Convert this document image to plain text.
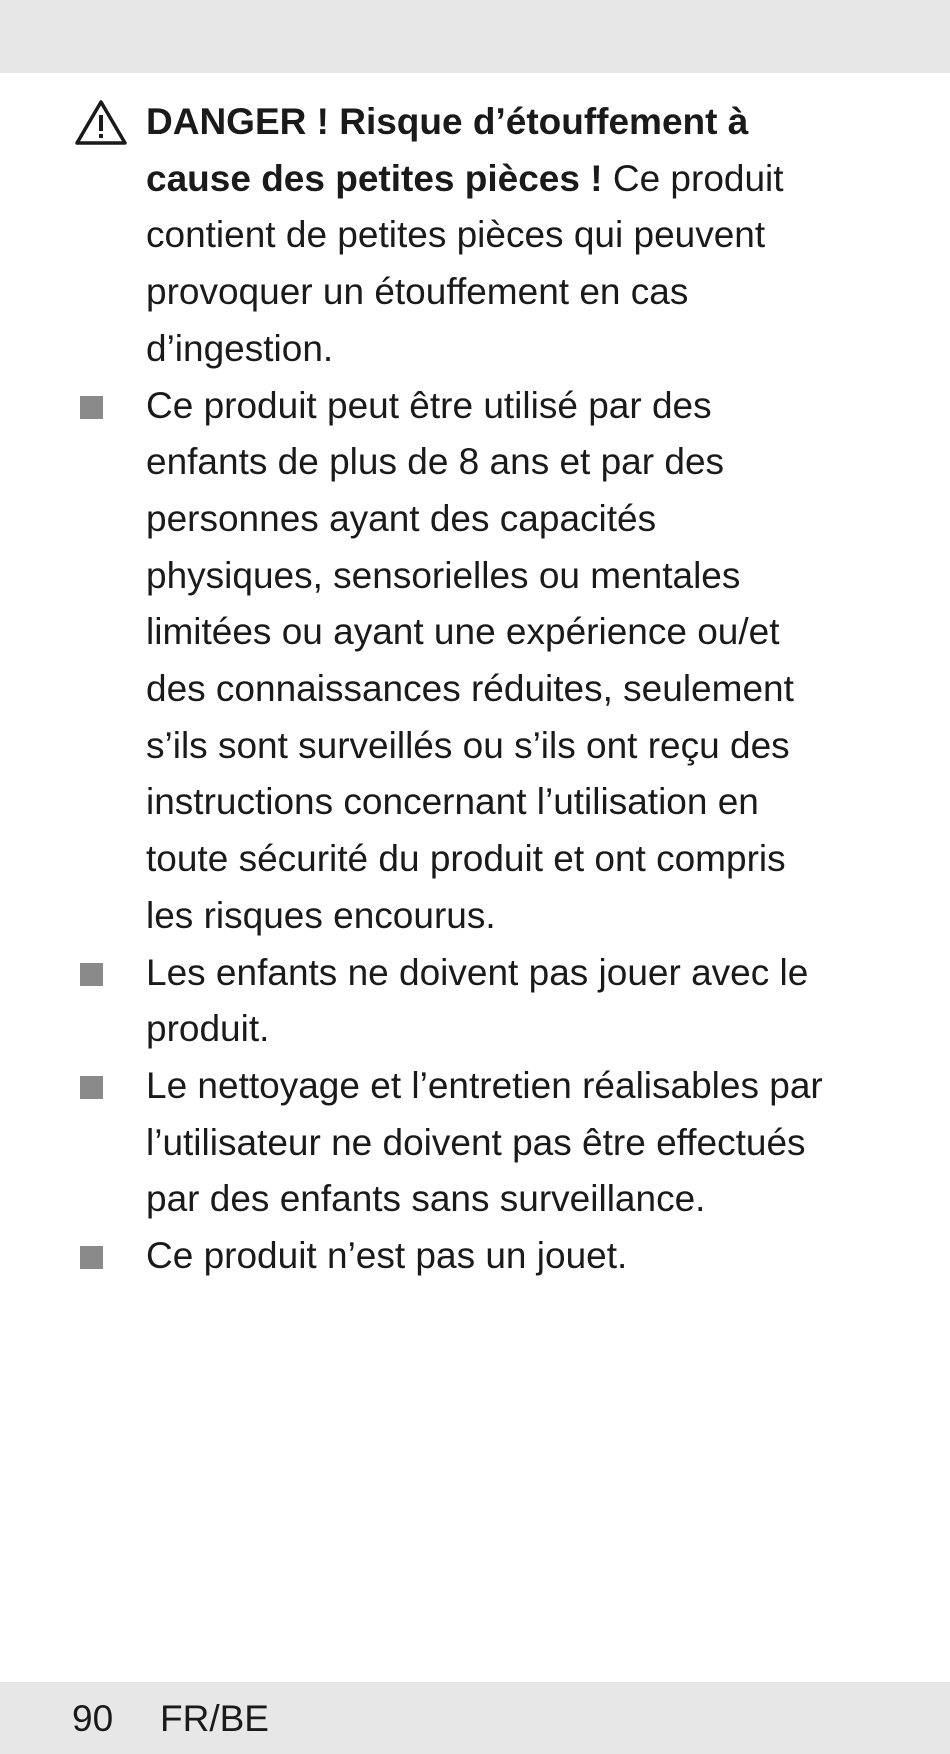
DANGER ! Risque d’étouffement à cause des petites pièces ! Ce produit contient de petites pièces qui peuvent provoquer un étouffement en cas d’ingestion.
Ce produit peut être utilisé par des enfants de plus de 8 ans et par des personnes ayant des capacités physiques, sensorielles ou mentales limitées ou ayant une expérience ou/et des connaissances réduites, seulement s’ils sont surveillés ou s’ils ont reçu des instructions concernant l’utilisation en toute sécurité du produit et ont compris les risques encourus.
Les enfants ne doivent pas jouer avec le produit.
Le nettoyage et l’entretien réalisables par l’utilisateur ne doivent pas être effectués par des enfants sans surveillance.
Ce produit n’est pas un jouet.
90 FR/BE
